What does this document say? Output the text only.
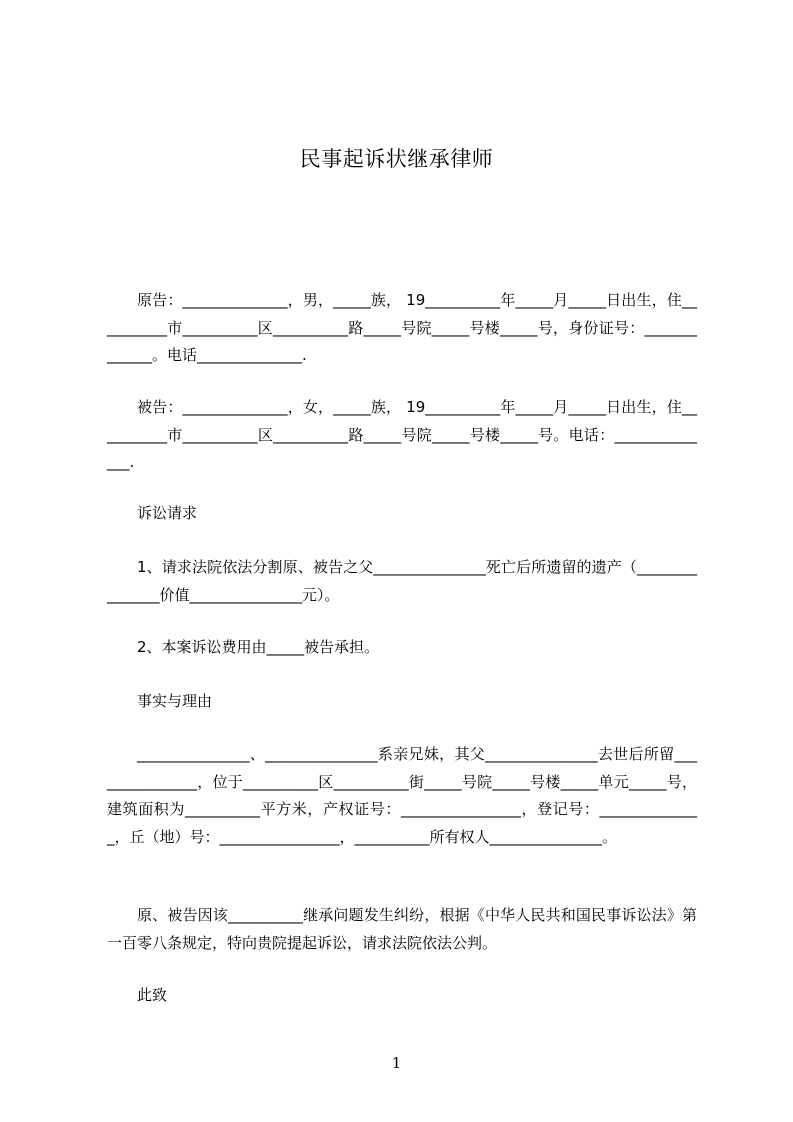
民事起诉状继承律师
原告：______________，男，_____族， 19__________年_____月_____日出生，住__________市__________区__________路_____号院_____号楼_____号，身份证号：_____________。电话______________.
被告：______________，女，_____族， 19__________年_____月_____日出生，住__________市__________区__________路_____号院_____号楼_____号。电话：______________.
诉讼请求
1、请求法院依法分割原、被告之父_______________死亡后所遗留的遗产（_______________价值_______________元）。
2、本案诉讼费用由_____被告承担。
事实与理由
_______________、_______________系亲兄妹，其父_______________去世后所留_______________，位于__________区__________街_____号院_____号楼_____单元_____号，建筑面积为__________平方米，产权证号：________________，登记号：______________，丘（地）号：________________，__________所有权人_______________。
原、被告因该__________继承问题发生纠纷，根据《中华人民共和国民事诉讼法》第一百零八条规定，特向贵院提起诉讼，请求法院依法公判。
此致
1
